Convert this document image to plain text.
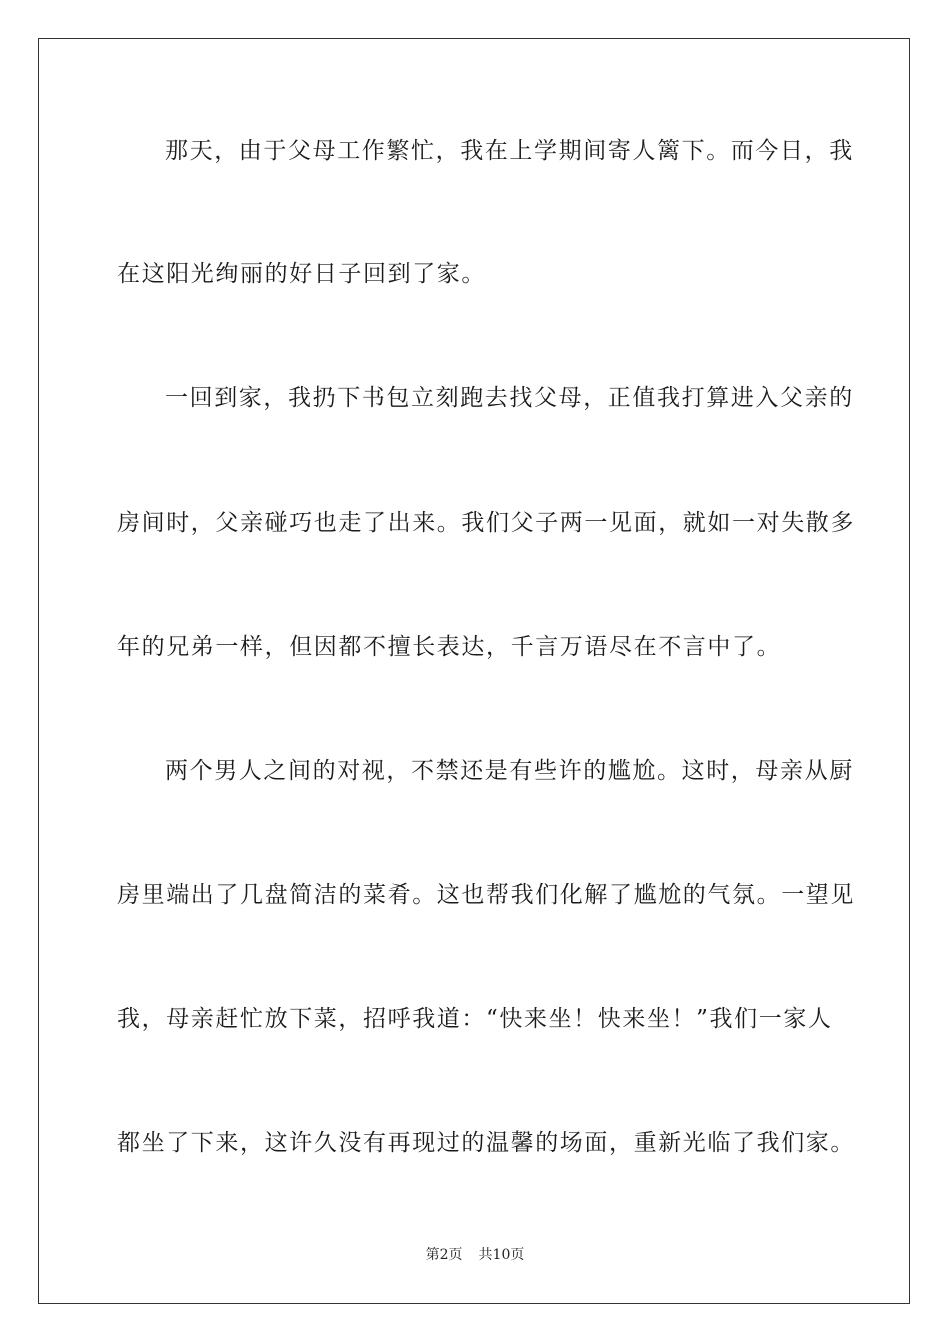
那天，由于父母工作繁忙，我在上学期间寄人篱下。而今日，我
在这阳光绚丽的好日子回到了家。
一回到家，我扔下书包立刻跑去找父母，正值我打算进入父亲的
房间时，父亲碰巧也走了出来。我们父子两一见面，就如一对失散多
年的兄弟一样，但因都不擅长表达，千言万语尽在不言中了。
两个男人之间的对视，不禁还是有些许的尴尬。这时，母亲从厨
房里端出了几盘简洁的菜肴。这也帮我们化解了尴尬的气氛。一望见
我，母亲赶忙放下菜，招呼我道：“快来坐！快来坐！”我们一家人
都坐了下来，这许久没有再现过的温馨的场面，重新光临了我们家。
第2页 共10页
